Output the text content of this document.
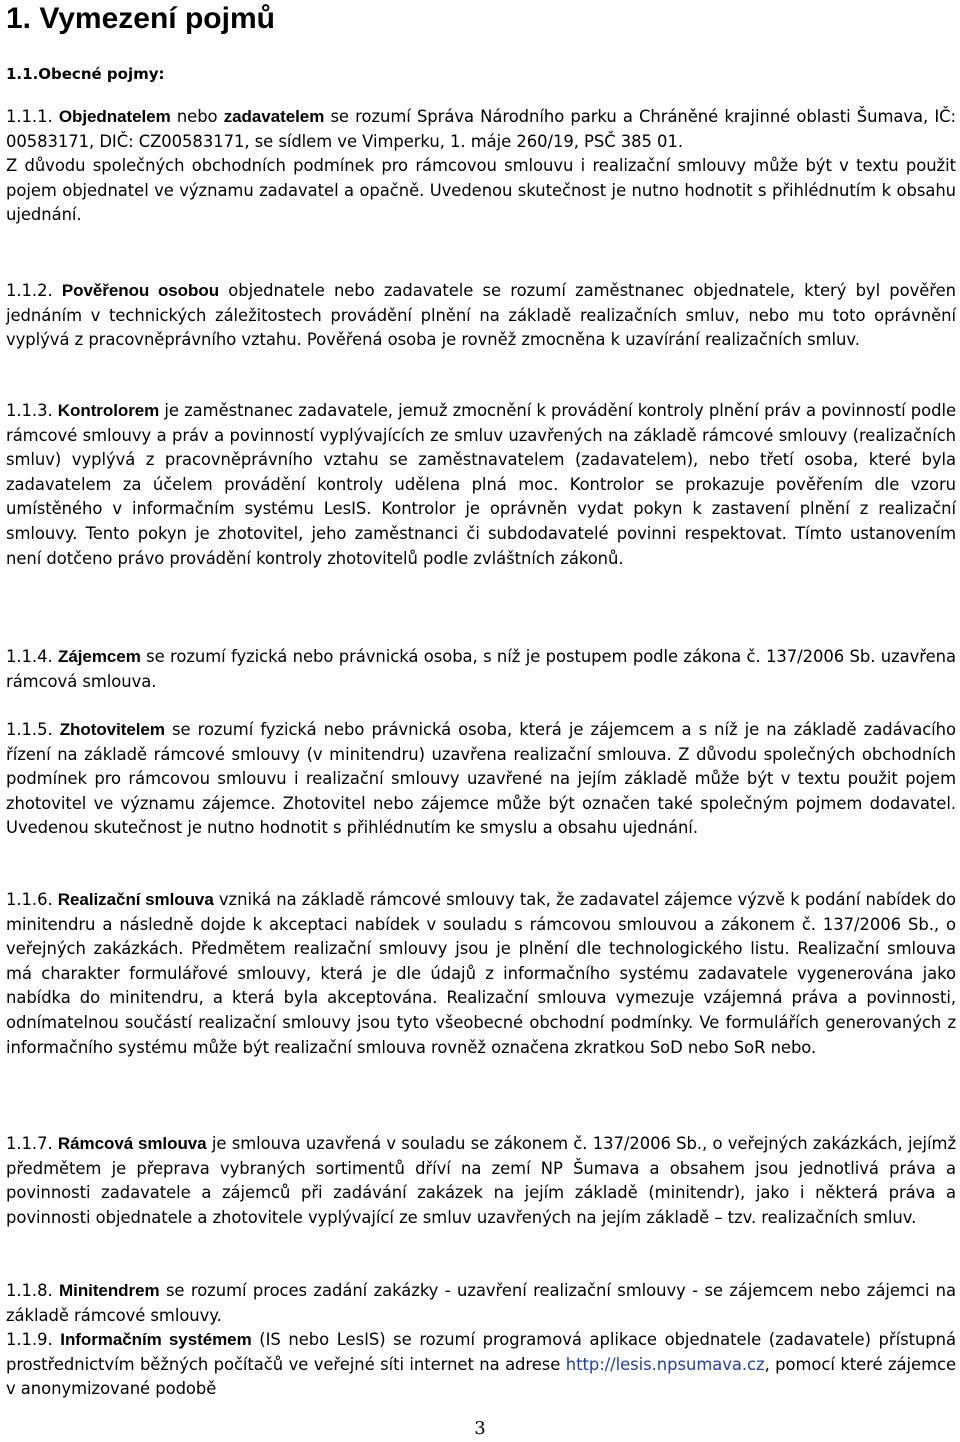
1. Vymezení pojmů
1.1.Obecné pojmy:

1.1.1. Objednatelem nebo zadavatelem se rozumí Správa Národního parku a Chráněné krajinné oblasti Šumava, IČ: 00583171, DIČ: CZ00583171, se sídlem ve Vimperku, 1. máje 260/19, PSČ 385 01.
Z důvodu společných obchodních podmínek pro rámcovou smlouvu i realizační smlouvy může být v textu použit pojem objednatel ve významu zadavatel a opačně. Uvedenou skutečnost je nutno hodnotit s přihlédnutím k obsahu ujednání.

1.1.2. Pověřenou osobou objednatele nebo zadavatele se rozumí zaměstnanec objednatele, který byl pověřen jednáním v technických záležitostech provádění plnění na základě realizačních smluv, nebo mu toto oprávnění vyplývá z pracovněprávního vztahu. Pověřená osoba je rovněž zmocněna k uzavírání realizačních smluv.

1.1.3. Kontrolorem je zaměstnanec zadavatele, jemuž zmocnění k provádění kontroly plnění práv a povinností podle rámcové smlouvy a práv a povinností vyplývajících ze smluv uzavřených na základě rámcové smlouvy (realizačních smluv) vyplývá z pracovněprávního vztahu se zaměstnavatelem (zadavatelem), nebo třetí osoba, které byla zadavatelem za účelem provádění kontroly udělena plná moc. Kontrolor se prokazuje pověřením dle vzoru umístěného v informačním systému LesIS. Kontrolor je oprávněn vydat pokyn k zastavení plnění z realizační smlouvy. Tento pokyn je zhotovitel, jeho zaměstnanci či subdodavatelé povinni respektovat. Tímto ustanovením není dotčeno právo provádění kontroly zhotovitelů podle zvláštních zákonů.

1.1.4. Zájemcem se rozumí fyzická nebo právnická osoba, s níž je postupem podle zákona č. 137/2006 Sb. uzavřena rámcová smlouva.

1.1.5. Zhotovitelem se rozumí fyzická nebo právnická osoba, která je zájemcem a s níž je na základě zadávacího řízení na základě rámcové smlouvy (v minitendru) uzavřena realizační smlouva. Z důvodu společných obchodních podmínek pro rámcovou smlouvu i realizační smlouvy uzavřené na jejím základě může být v textu použit pojem zhotovitel ve významu zájemce. Zhotovitel nebo zájemce může být označen také společným pojmem dodavatel. Uvedenou skutečnost je nutno hodnotit s přihlédnutím ke smyslu a obsahu ujednání.

1.1.6. Realizační smlouva vzniká na základě rámcové smlouvy tak, že zadavatel zájemce výzvě k podání nabídek do minitendru a následně dojde k akceptaci nabídek v souladu s rámcovou smlouvou a zákonem č. 137/2006 Sb., o veřejných zakázkách. Předmětem realizační smlouvy jsou je plnění dle technologického listu. Realizační smlouva má charakter formulářové smlouvy, která je dle údajů z informačního systému zadavatele vygenerována jako nabídka do minitendru, a která byla akceptována. Realizační smlouva vymezuje vzájemná práva a povinnosti, odnímatelnou součástí realizační smlouvy jsou tyto všeobecné obchodní podmínky. Ve formulářích generovaných z informačního systému může být realizační smlouva rovněž označena zkratkou SoD nebo SoR nebo.

1.1.7. Rámcová smlouva je smlouva uzavřená v souladu se zákonem č. 137/2006 Sb., o veřejných zakázkách, jejímž předmětem je přeprava vybraných sortimentů dříví na zemí NP Šumava a obsahem jsou jednotlivá práva a povinnosti zadavatele a zájemců při zadávání zakázek na jejím základě (minitendr), jako i některá práva a povinnosti objednatele a zhotovitele vyplývající ze smluv uzavřených na jejím základě – tzv. realizačních smluv.

1.1.8. Minitendrem se rozumí proces zadání zakázky - uzavření realizační smlouvy - se zájemcem nebo zájemci na základě rámcové smlouvy.

1.1.9. Informačním systémem (IS nebo LesIS) se rozumí programová aplikace objednatele (zadavatele) přístupná prostřednictvím běžných počítačů ve veřejné síti internet na adrese http://lesis.npsumava.cz, pomocí které zájemce v anonymizované podobě

3
